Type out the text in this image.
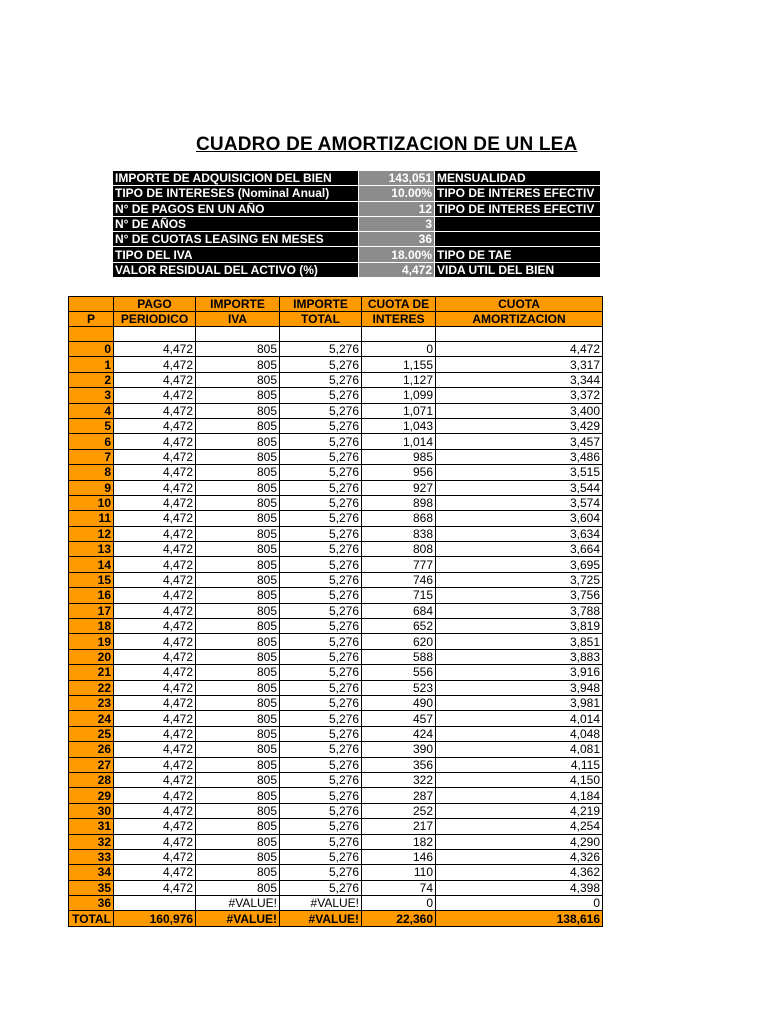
CUADRO DE AMORTIZACION DE UN LEA
IMPORTE DE ADQUISICION DEL BIEN	143,051	MENSUALIDAD
TIPO DE INTERESES (Nominal Anual)	10.00%	TIPO DE INTERES EFECTIV
N° DE PAGOS EN UN AÑO	12	TIPO DE INTERES EFECTIV
N° DE AÑOS	3	
N° DE CUOTAS LEASING EN MESES	36	
TIPO DEL IVA	18.00%	TIPO DE TAE
VALOR RESIDUAL DEL ACTIVO (%)	4,472	VIDA UTIL DEL BIEN
	PAGO	IMPORTE	IMPORTE	CUOTA DE	CUOTA
P	PERIODICO	IVA	TOTAL	INTERES	AMORTIZACION

0	4,472	805	5,276	0	4,472
1	4,472	805	5,276	1,155	3,317
2	4,472	805	5,276	1,127	3,344
3	4,472	805	5,276	1,099	3,372
4	4,472	805	5,276	1,071	3,400
5	4,472	805	5,276	1,043	3,429
6	4,472	805	5,276	1,014	3,457
7	4,472	805	5,276	985	3,486
8	4,472	805	5,276	956	3,515
9	4,472	805	5,276	927	3,544
10	4,472	805	5,276	898	3,574
11	4,472	805	5,276	868	3,604
12	4,472	805	5,276	838	3,634
13	4,472	805	5,276	808	3,664
14	4,472	805	5,276	777	3,695
15	4,472	805	5,276	746	3,725
16	4,472	805	5,276	715	3,756
17	4,472	805	5,276	684	3,788
18	4,472	805	5,276	652	3,819
19	4,472	805	5,276	620	3,851
20	4,472	805	5,276	588	3,883
21	4,472	805	5,276	556	3,916
22	4,472	805	5,276	523	3,948
23	4,472	805	5,276	490	3,981
24	4,472	805	5,276	457	4,014
25	4,472	805	5,276	424	4,048
26	4,472	805	5,276	390	4,081
27	4,472	805	5,276	356	4,115
28	4,472	805	5,276	322	4,150
29	4,472	805	5,276	287	4,184
30	4,472	805	5,276	252	4,219
31	4,472	805	5,276	217	4,254
32	4,472	805	5,276	182	4,290
33	4,472	805	5,276	146	4,326
34	4,472	805	5,276	110	4,362
35	4,472	805	5,276	74	4,398
36		#VALUE!	#VALUE!	0	0
TOTAL	160,976	#VALUE!	#VALUE!	22,360	138,616
